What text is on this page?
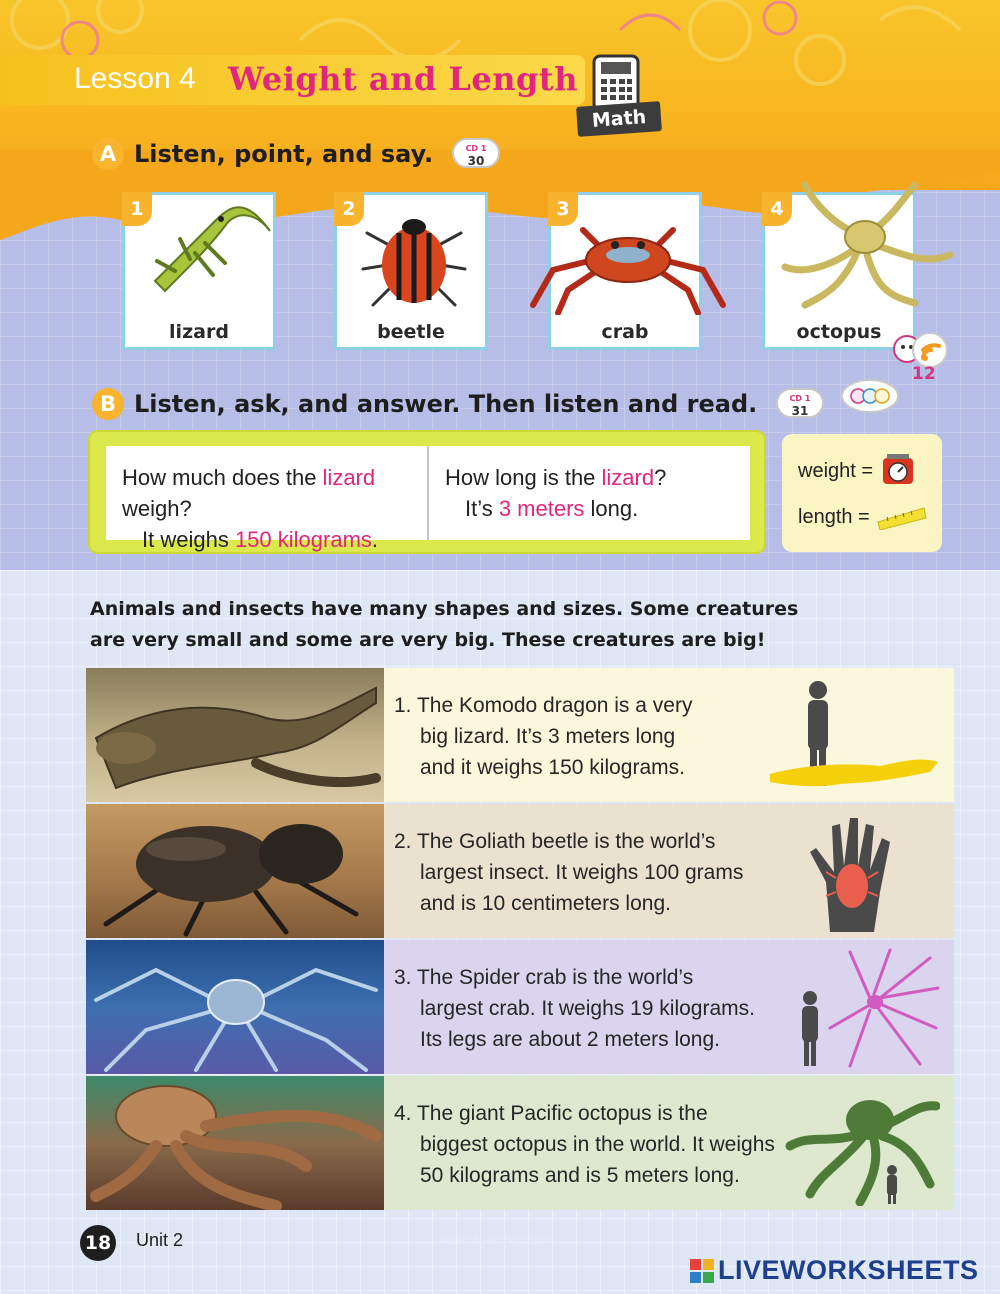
Lesson 4 Weight and Length
Math
A Listen, point, and say.	CD 1
30
1
lizard
2
beetle
3
crab
4
octopus
12
B Listen, ask, and answer. Then listen and read.	CD 1
31
How much does the lizard weigh?
It weighs 150 kilograms.
How long is the lizard?
It’s 3 meters long.
weight =
length =
Animals and insects have many shapes and sizes. Some creatures
are very small and some are very big. These creatures are big!
1. The Komodo dragon is a very
big lizard. It’s 3 meters long
and it weighs 150 kilograms.
2. The Goliath beetle is the world’s
largest insect. It weighs 100 grams
and is 10 centimeters long.
3. The Spider crab is the world’s
largest crab. It weighs 19 kilograms.
Its legs are about 2 meters long.
4. The giant Pacific octopus is the
biggest octopus in the world. It weighs
50 kilograms and is 5 meters long.
18 Unit 2	https://teachhpc.com
LIVEWORKSHEETS
